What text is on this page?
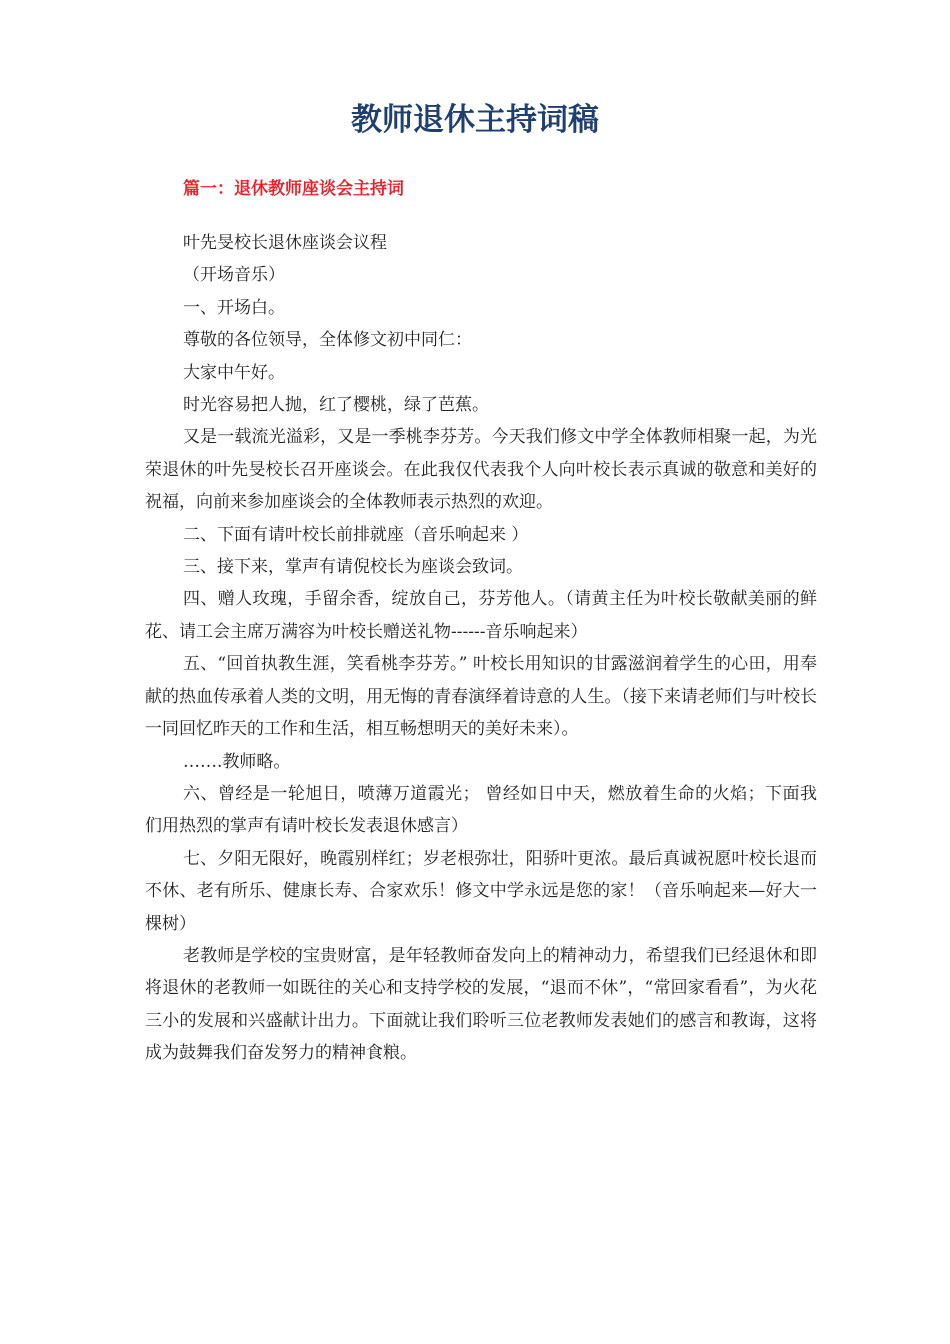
教师退休主持词稿
篇一：退休教师座谈会主持词

叶先旻校长退休座谈会议程

（开场音乐）

一、开场白。

尊敬的各位领导，全体修文初中同仁：

大家中午好。

时光容易把人抛，红了樱桃，绿了芭蕉。

又是一载流光溢彩，又是一季桃李芬芳。今天我们修文中学全体教师相聚一起，为光荣退休的叶先旻校长召开座谈会。在此我仅代表我个人向叶校长表示真诚的敬意和美好的祝福，向前来参加座谈会的全体教师表示热烈的欢迎。

二、下面有请叶校长前排就座（音乐响起来 ）

三、接下来，掌声有请倪校长为座谈会致词。

四、赠人玫瑰，手留余香，绽放自己，芬芳他人。（请黄主任为叶校长敬献美丽的鲜花、请工会主席万满容为叶校长赠送礼物------音乐响起来）

五、“回首执教生涯，笑看桃李芬芳。” 叶校长用知识的甘露滋润着学生的心田，用奉献的热血传承着人类的文明，用无悔的青春演绎着诗意的人生。（接下来请老师们与叶校长一同回忆昨天的工作和生活，相互畅想明天的美好未来）。

…….教师略。

六、曾经是一轮旭日，喷薄万道霞光； 曾经如日中天，燃放着生命的火焰；下面我们用热烈的掌声有请叶校长发表退休感言）

七、夕阳无限好，晚霞别样红；岁老根弥壮，阳骄叶更浓。最后真诚祝愿叶校长退而不休、老有所乐、健康长寿、合家欢乐！修文中学永远是您的家！（音乐响起来—好大一棵树）

老教师是学校的宝贵财富，是年轻教师奋发向上的精神动力，希望我们已经退休和即将退休的老教师一如既往的关心和支持学校的发展，“退而不休”，“常回家看看”，为火花三小的发展和兴盛献计出力。下面就让我们聆听三位老教师发表她们的感言和教诲，这将成为鼓舞我们奋发努力的精神食粮。
